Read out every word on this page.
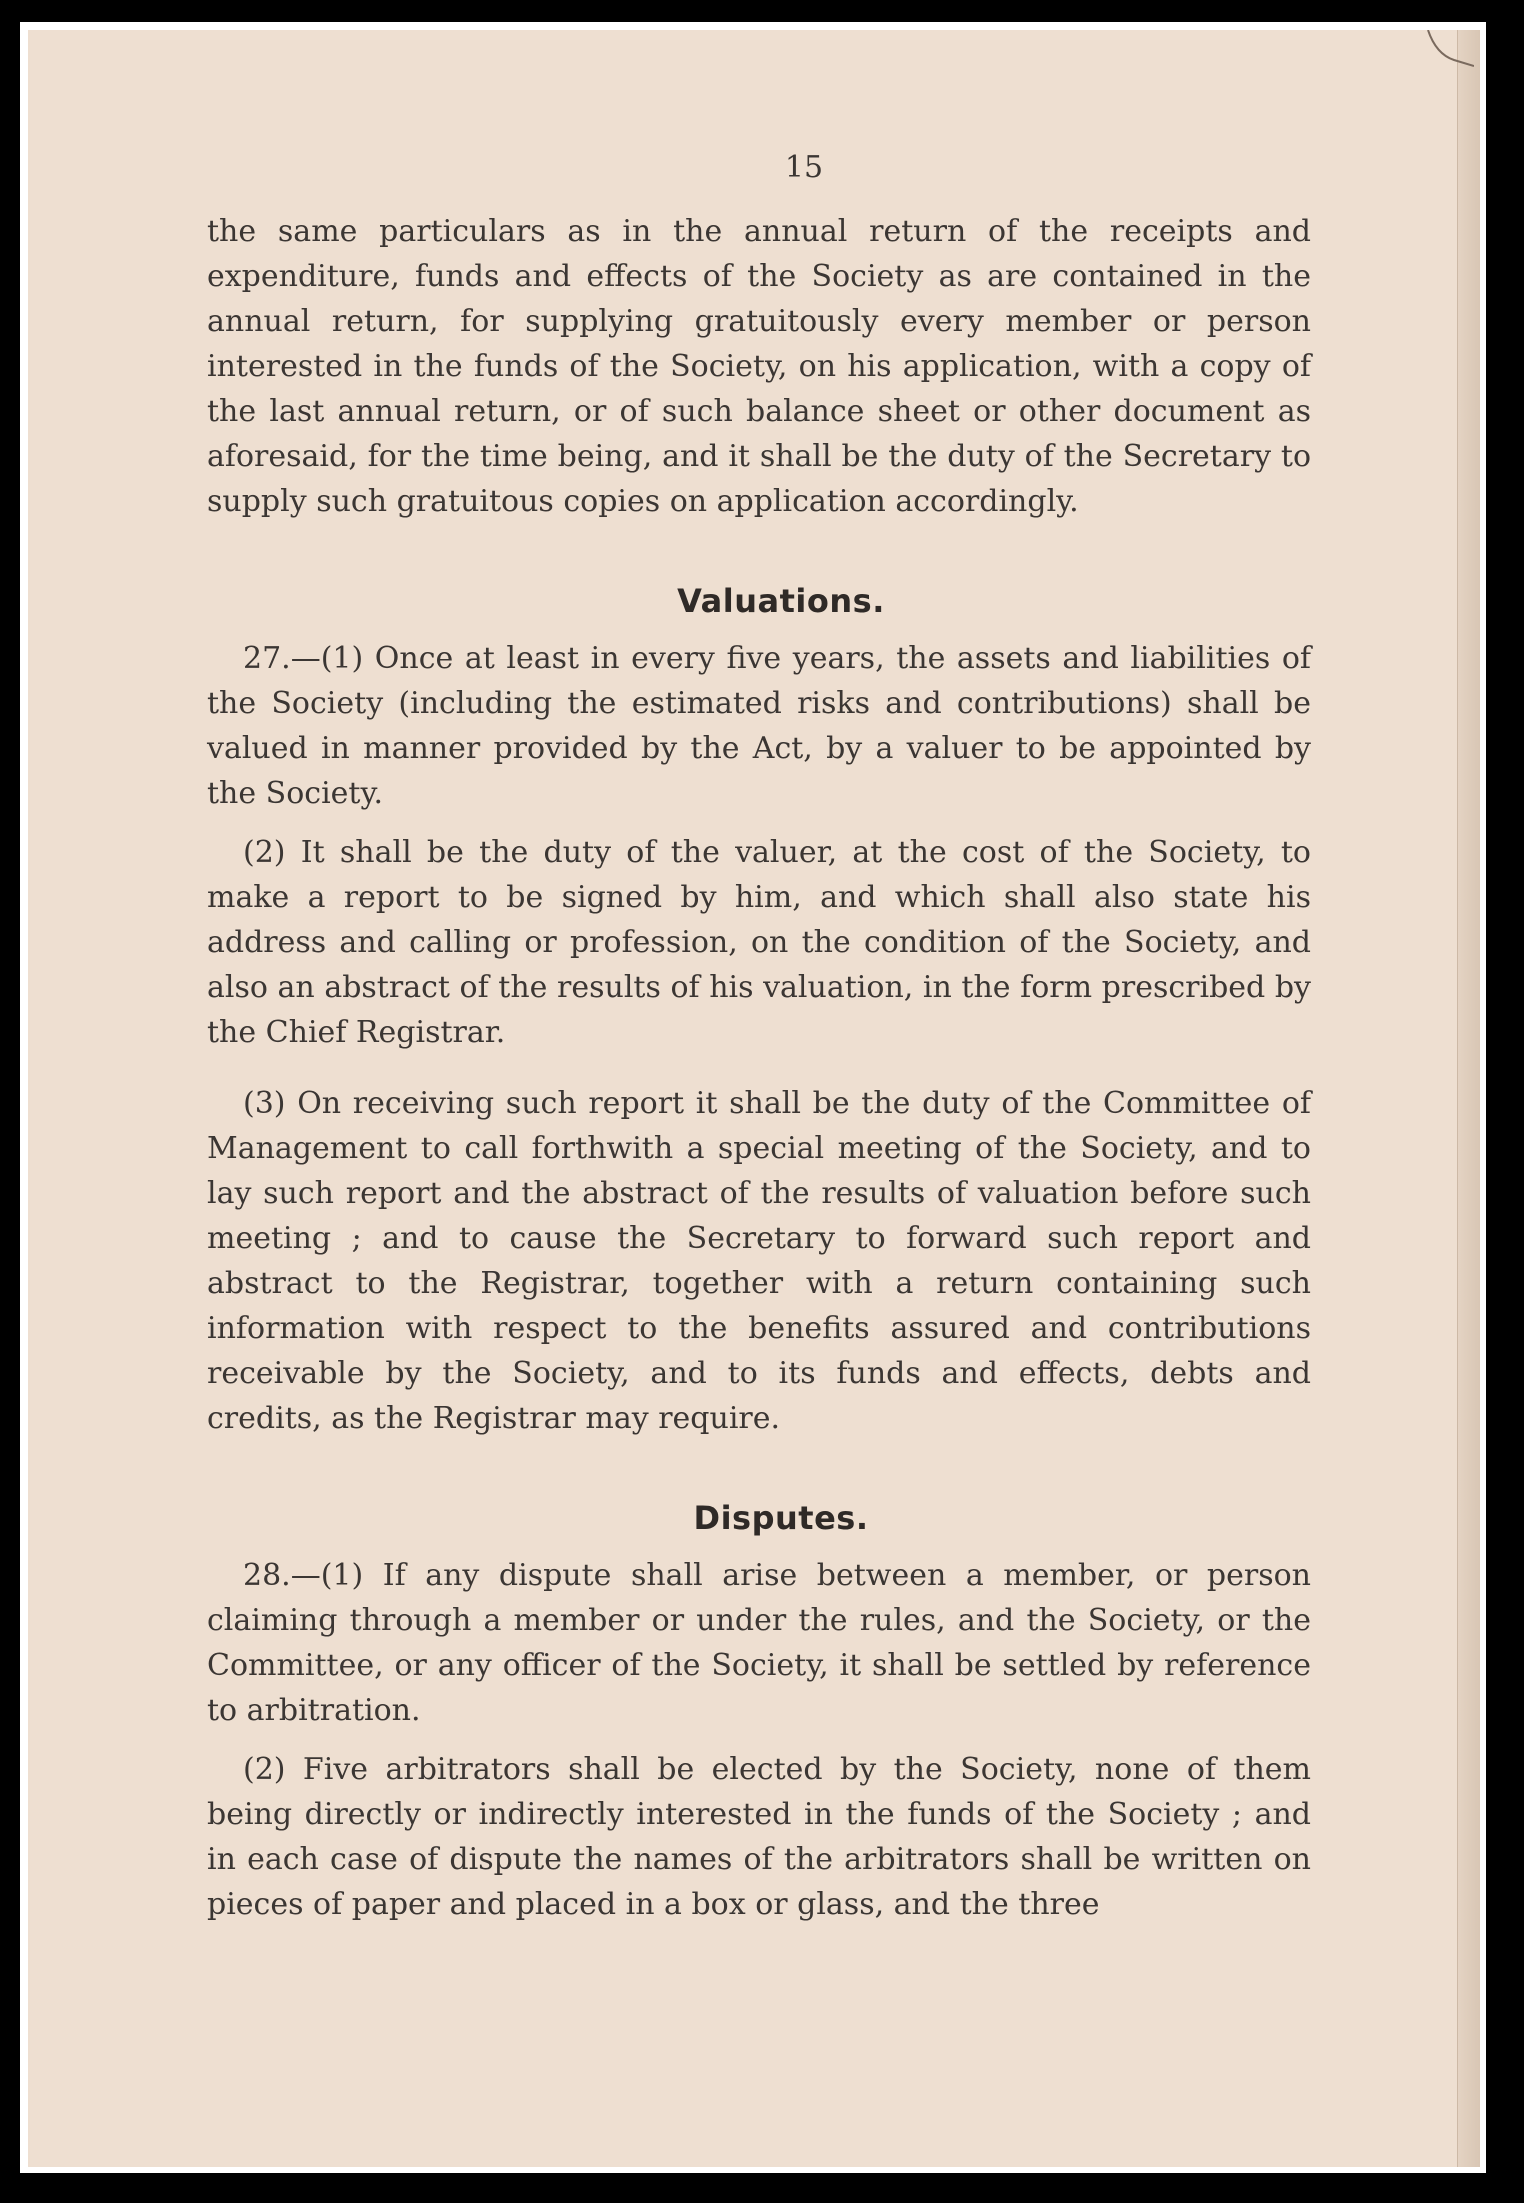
15

the same particulars as in the annual return of the receipts and expenditure, funds and effects of the Society as are contained in the annual return, for supplying gratuitously every member or person interested in the funds of the Society, on his application, with a copy of the last annual return, or of such balance sheet or other document as aforesaid, for the time being, and it shall be the duty of the Secretary to supply such gratuitous copies on application accordingly.

Valuations.

27.—(1) Once at least in every five years, the assets and liabilities of the Society (including the estimated risks and contributions) shall be valued in manner provided by the Act, by a valuer to be appointed by the Society.

(2) It shall be the duty of the valuer, at the cost of the Society, to make a report to be signed by him, and which shall also state his address and calling or profession, on the condition of the Society, and also an abstract of the results of his valuation, in the form prescribed by the Chief Registrar.

(3) On receiving such report it shall be the duty of the Committee of Management to call forthwith a special meeting of the Society, and to lay such report and the abstract of the results of valuation before such meeting ; and to cause the Secretary to forward such report and abstract to the Registrar, together with a return containing such information with respect to the benefits assured and contributions receivable by the Society, and to its funds and effects, debts and credits, as the Registrar may require.

Disputes.

28.—(1) If any dispute shall arise between a member, or person claiming through a member or under the rules, and the Society, or the Committee, or any officer of the Society, it shall be settled by reference to arbitration.

(2) Five arbitrators shall be elected by the Society, none of them being directly or indirectly interested in the funds of the Society ; and in each case of dispute the names of the arbitrators shall be written on pieces of paper and placed in a box or glass, and the three
